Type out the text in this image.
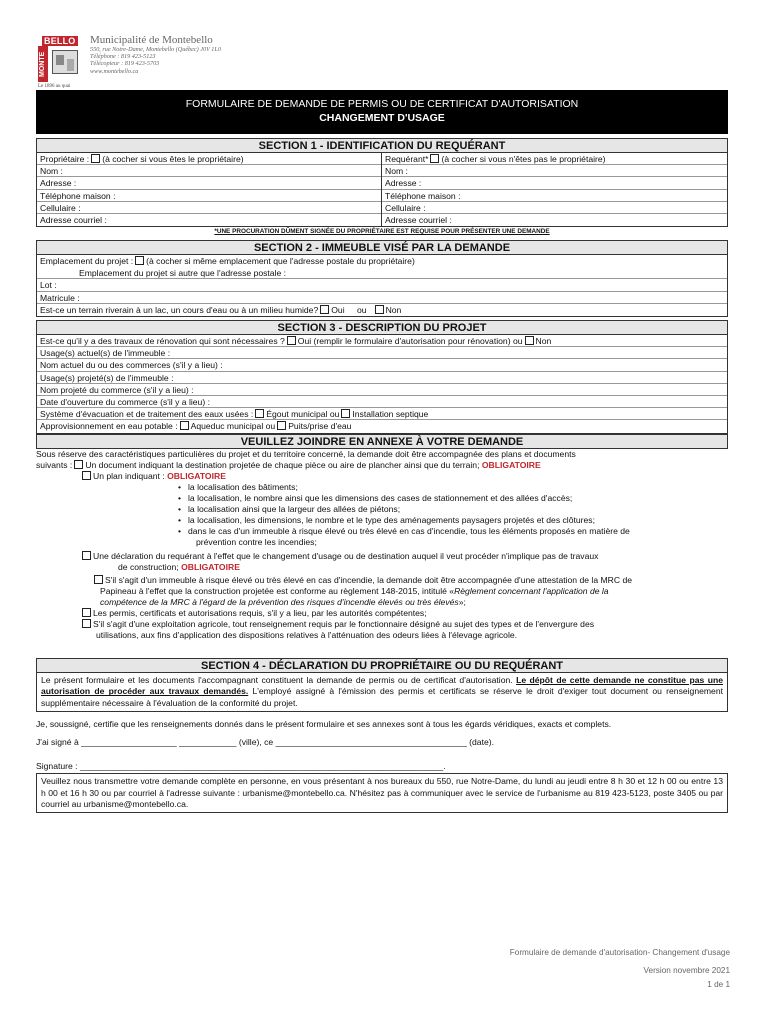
BELLO
MONTE
Le 1896 au quai
Municipalité de Montebello
550, rue Notre-Dame, Montebello (Québec) J0V 1L0
Téléphone : 819 423-5123
Télécopieur : 819 423-5703
www.montebello.ca
FORMULAIRE DE DEMANDE DE PERMIS OU DE CERTIFICAT D'AUTORISATION
CHANGEMENT D'USAGE
SECTION 1 - IDENTIFICATION DU REQUÉRANT
Propriétaire : (à cocher si vous êtes le propriétaire)
Nom :
Adresse :
Téléphone maison :
Cellulaire :
Adresse courriel :
Requérant* (à cocher si vous n'êtes pas le propriétaire)
Nom :
Adresse :
Téléphone maison :
Cellulaire :
Adresse courriel :
*UNE PROCURATION DÛMENT SIGNÉE DU PROPRIÉTAIRE EST REQUISE POUR PRÉSENTER UNE DEMANDE
SECTION 2 - IMMEUBLE VISÉ PAR LA DEMANDE
Emplacement du projet : (à cocher si même emplacement que l'adresse postale du propriétaire)
Emplacement du projet si autre que l'adresse postale :
Lot :
Matricule :
Est-ce un terrain riverain à un lac, un cours d'eau ou à un milieu humide? Oui ou Non
SECTION 3 - DESCRIPTION DU PROJET
Est-ce qu'il y a des travaux de rénovation qui sont nécessaires ? Oui (remplir le formulaire d'autorisation pour rénovation) ou Non
Usage(s) actuel(s) de l'immeuble :
Nom actuel du ou des commerces (s'il y a lieu) :
Usage(s) projeté(s) de l'immeuble :
Nom projeté du commerce (s'il y a lieu) :
Date d'ouverture du commerce (s'il y a lieu) :
Système d'évacuation et de traitement des eaux usées : Égout municipal ou Installation septique
Approvisionnement en eau potable : Aqueduc municipal ou Puits/prise d'eau
VEUILLEZ JOINDRE EN ANNEXE À VOTRE DEMANDE
Sous réserve des caractéristiques particulières du projet et du territoire concerné, la demande doit être accompagnée des plans et documents
suivants : Un document indiquant la destination projetée de chaque pièce ou aire de plancher ainsi que du terrain; OBLIGATOIRE
Un plan indiquant : OBLIGATOIRE
• la localisation des bâtiments;
• la localisation, le nombre ainsi que les dimensions des cases de stationnement et des allées d'accès;
• la localisation ainsi que la largeur des allées de piétons;
• la localisation, les dimensions, le nombre et le type des aménagements paysagers projetés et des clôtures;
• dans le cas d'un immeuble à risque élevé ou très élevé en cas d'incendie, tous les éléments proposés en matière de
prévention contre les incendies;
Une déclaration du requérant à l'effet que le changement d'usage ou de destination auquel il veut procéder n'implique pas de travaux
de construction; OBLIGATOIRE
S'il s'agit d'un immeuble à risque élevé ou très élevé en cas d'incendie, la demande doit être accompagnée d'une attestation de la MRC de
Papineau à l'effet que la construction projetée est conforme au règlement 148-2015, intitulé «Règlement concernant l'application de la
compétence de la MRC à l'égard de la prévention des risques d'incendie élevés ou très élevés»;
Les permis, certificats et autorisations requis, s'il y a lieu, par les autorités compétentes;
S'il s'agit d'une exploitation agricole, tout renseignement requis par le fonctionnaire désigné au sujet des types et de l'envergure des
utilisations, aux fins d'application des dispositions relatives à l'atténuation des odeurs liées à l'élevage agricole.
SECTION 4 - DÉCLARATION DU PROPRIÉTAIRE OU DU REQUÉRANT
Le présent formulaire et les documents l'accompagnant constituent la demande de permis ou de certificat d'autorisation. Le dépôt de cette demande ne constitue pas une autorisation de procéder aux travaux demandés. L'employé assigné à l'émission des permis et certificats se réserve le droit d'exiger tout document ou renseignement supplémentaire nécessaire à l'évaluation de la conformité du projet.
Je, soussigné, certifie que les renseignements donnés dans le présent formulaire et ses annexes sont à tous les égards véridiques, exacts et complets.
J'ai signé à ____________________ ____________ (ville), ce ________________________________________ (date).
Signature : ____________________________________________________________________________.
Veuillez nous transmettre votre demande complète en personne, en vous présentant à nos bureaux du 550, rue Notre-Dame, du lundi au jeudi entre 8 h 30 et 12 h 00 ou entre 13 h 00 et 16 h 30 ou par courriel à l'adresse suivante : urbanisme@montebello.ca. N'hésitez pas à communiquer avec le service de l'urbanisme au 819 423-5123, poste 3405 ou par courriel au urbanisme@montebello.ca.
Formulaire de demande d'autorisation- Changement d'usage
Version novembre 2021
1 de 1
